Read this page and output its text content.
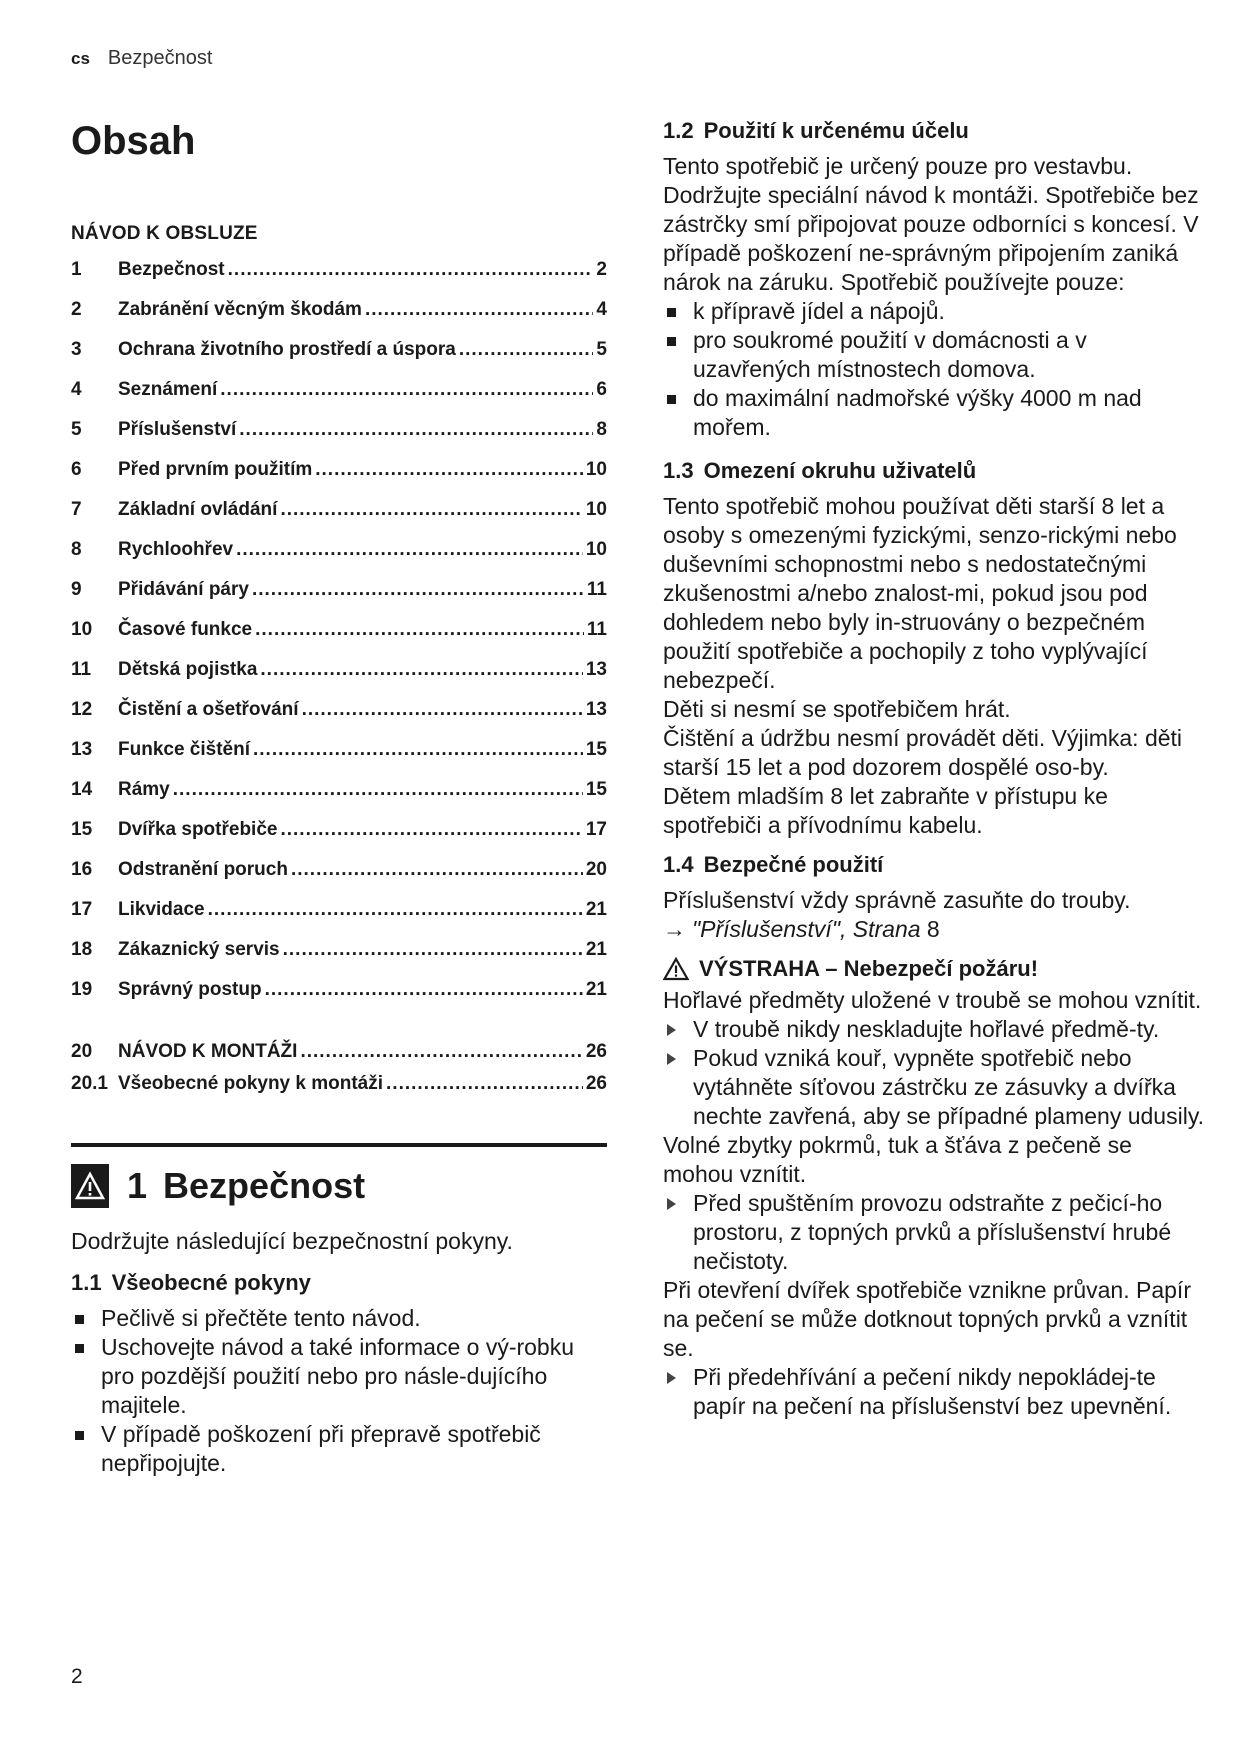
cs Bezpečnost
Obsah
NÁVOD K OBSLUZE
1	Bezpečnost .....	2
2	Zabránění věcným škodám .....	4
3	Ochrana životního prostředí a úspora .....	5
4	Seznámení .....	6
5	Příslušenství .....	8
6	Před prvním použitím .....	10
7	Základní ovládání .....	10
8	Rychloohřev .....	10
9	Přidávání páry .....	11
10	Časové funkce .....	11
11	Dětská pojistka .....	13
12	Čistění a ošetřování .....	13
13	Funkce čištění .....	15
14	Rámy .....	15
15	Dvířka spotřebiče .....	17
16	Odstranění poruch .....	20
17	Likvidace .....	21
18	Zákaznický servis .....	21
19	Správný postup .....	21
20	NÁVOD K MONTÁŽI .....	26
20.1 Všeobecné pokyny k montáži .....	26
1 Bezpečnost

Dodržujte následující bezpečnostní pokyny.

1.1 Všeobecné pokyny
Pečlivě si přečtěte tento návod.
Uschovejte návod a také informace o vý-robku pro pozdější použití nebo pro násle-dujícího majitele.
V případě poškození při přepravě spotřebič nepřipojujte.
1.2 Použití k určenému účelu

Tento spotřebič je určený pouze pro vestavbu. Dodržujte speciální návod k montáži. Spotřebiče bez zástrčky smí připojovat pouze odborníci s koncesí. V případě poškození ne-správným připojením zaniká nárok na záruku. Spotřebič používejte pouze:

k přípravě jídel a nápojů.
pro soukromé použití v domácnosti a v uzavřených místnostech domova.
do maximální nadmořské výšky 4000 m nad mořem.
1.3 Omezení okruhu uživatelů

Tento spotřebič mohou používat děti starší 8 let a osoby s omezenými fyzickými, senzo-rickými nebo duševními schopnostmi nebo s nedostatečnými zkušenostmi a/nebo znalost-mi, pokud jsou pod dohledem nebo byly in-struovány o bezpečném použití spotřebiče a pochopily z toho vyplývající nebezpečí.

Děti si nesmí se spotřebičem hrát.

Čištění a údržbu nesmí provádět děti. Výjimka: děti starší 15 let a pod dozorem dospělé oso-by.

Dětem mladším 8 let zabraňte v přístupu ke spotřebiči a přívodnímu kabelu.

1.4 Bezpečné použití

Příslušenství vždy správně zasuňte do trouby.

→ "Příslušenství", Strana 8
VÝSTRAHA – Nebezpečí požáru!

Hořlavé předměty uložené v troubě se mohou vznítit.

V troubě nikdy neskladujte hořlavé předmě-ty.
Pokud vzniká kouř, vypněte spotřebič nebo vytáhněte síťovou zástrčku ze zásuvky a dvířka nechte zavřená, aby se případné plameny udusily.

Volné zbytky pokrmů, tuk a šťáva z pečeně se mohou vznítit.

Před spuštěním provozu odstraňte z pečicí-ho prostoru, z topných prvků a příslušenství hrubé nečistoty.

Při otevření dvířek spotřebiče vznikne průvan. Papír na pečení se může dotknout topných prvků a vznítit se.

Při předehřívání a pečení nikdy nepokládej-te papír na pečení na příslušenství bez upevnění.
2
